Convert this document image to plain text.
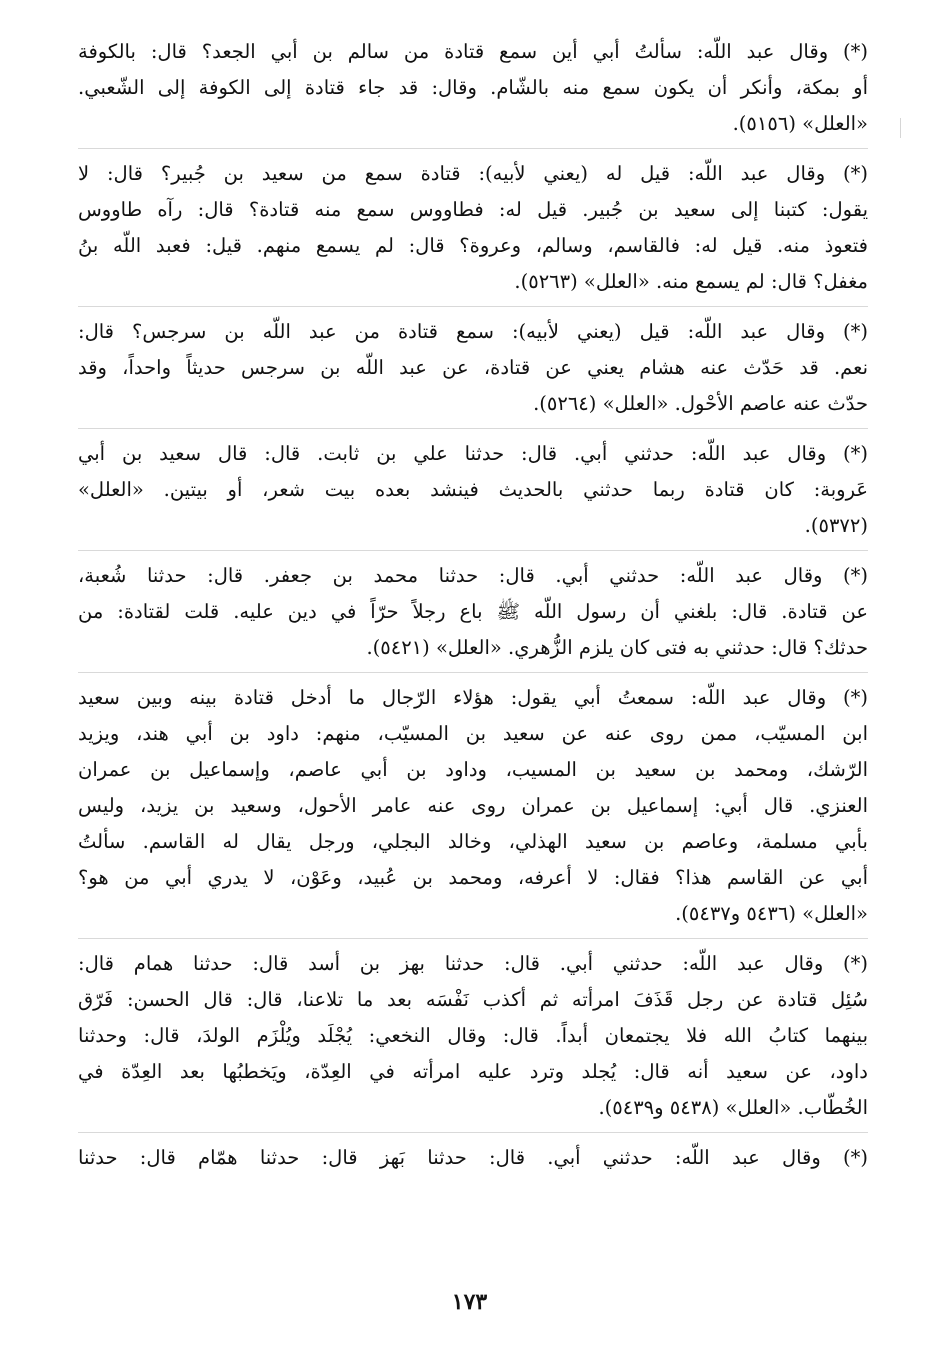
(*) وقال عبد اللّه: سألتُ أبي أين سمع قتادة من سالم بن أبي الجعد؟ قال: بالكوفة
أو بمكة، وأنكر أن يكون سمع منه بالشّام. وقال: قد جاء قتادة إلى الكوفة إلى الشّعبي.
«العلل» (٥١٥٦).
(*) وقال عبد اللّه: قيل له (يعني لأبيه): قتادة سمع من سعيد بن جُبير؟ قال: لا
يقول: كتبنا إلى سعيد بن جُبير. قيل له: فطاووس سمع منه قتادة؟ قال: رآه طاووس
فتعوذ منه. قيل له: فالقاسم، وسالم، وعروة؟ قال: لم يسمع منهم. قيل: فعبد اللّه بنُ
مغفل؟ قال: لم يسمع منه. «العلل» (٥٢٦٣).
(*) وقال عبد اللّه: قيل (يعني لأبيه): سمع قتادة من عبد اللّه بن سرجس؟ قال:
نعم. قد حَدّث عنه هشام يعني عن قتادة، عن عبد اللّه بن سرجس حديثاً واحداً، وقد
حدّث عنه عاصم الأحْول. «العلل» (٥٢٦٤).
(*) وقال عبد اللّه: حدثني أبي. قال: حدثنا علي بن ثابت. قال: قال سعيد بن أبي
عَروبة: كان قتادة ربما حدثني بالحديث فينشد بعده بيت شعر، أو بيتين. «العلل»
(٥٣٧٢).
(*) وقال عبد اللّه: حدثني أبي. قال: حدثنا محمد بن جعفر. قال: حدثنا شُعبة،
عن قتادة. قال: بلغني أن رسول اللّه ﷺ باع رجلاً حرّاً في دين عليه. قلت لقتادة: من
حدثك؟ قال: حدثني به فتى كان يلزم الزُّهري. «العلل» (٥٤٢١).
(*) وقال عبد اللّه: سمعتُ أبي يقول: هؤلاء الرّجال ما أدخل قتادة بينه وبين سعيد
ابن المسيّب، ممن روى عنه عن سعيد بن المسيّب، منهم: داود بن أبي هند، ويزيد
الرّشك، ومحمد بن سعيد بن المسيب، وداود بن أبي عاصم، وإسماعيل بن عمران
العنزي. قال أبي: إسماعيل بن عمران روى عنه عامر الأحول، وسعيد بن يزيد، وليس
بأبي مسلمة، وعاصم بن سعيد الهذلي، وخالد البجلي، ورجل يقال له القاسم. سألتُ
أبي عن القاسم هذا؟ فقال: لا أعرفه، ومحمد بن عُبيد، وعَوْن، لا يدري أبي من هو؟
«العلل» (٥٤٣٦ و٥٤٣٧).
(*) وقال عبد اللّه: حدثني أبي. قال: حدثنا بهز بن أسد قال: حدثنا همام قال:
سُئِل قتادة عن رجل قَذَفَ امرأته ثم أكذب نَفْسَه بعد ما تلاعنا، قال: قال الحسن: فَرّق
بينهما كتابُ الله فلا يجتمعان أبداً. قال: وقال النخعي: يُجْلَد ويُلْزَم الولدَ، قال: وحدثنا
داود، عن سعيد أنه قال: يُجلد وترد عليه امرأته في العِدّة، ويَخطبُها بعد العِدّة في
الخُطّاب. «العلل» (٥٤٣٨ و٥٤٣٩).
(*) وقال عبد اللّه: حدثني أبي. قال: حدثنا بَهز قال: حدثنا همّام قال: حدثنا
١٧٣
